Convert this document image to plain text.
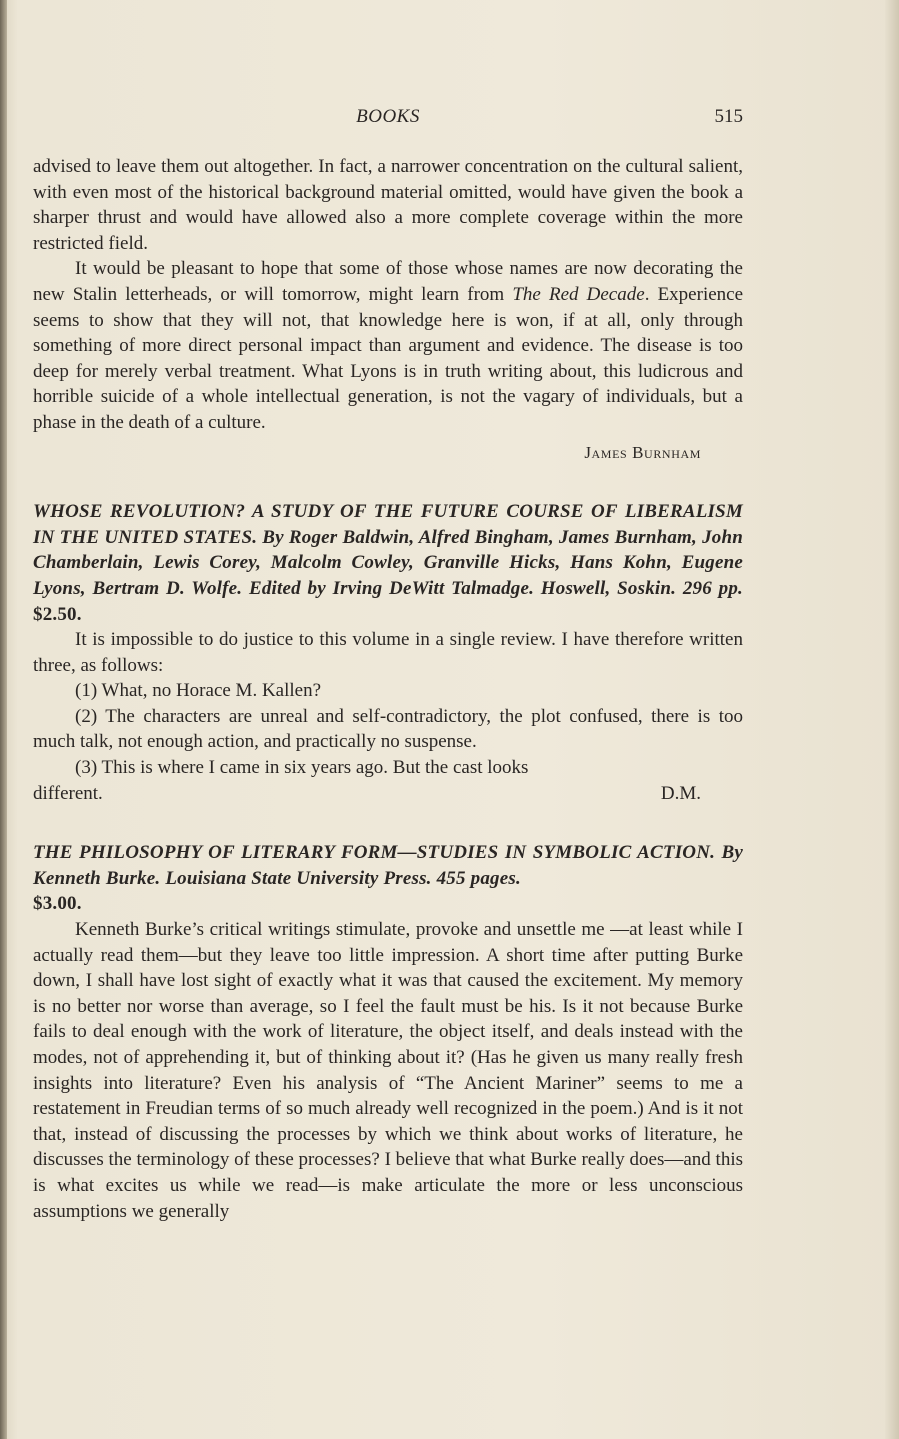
BOOKS	515

advised to leave them out altogether. In fact, a narrower concentration on the cultural salient, with even most of the historical background material omitted, would have given the book a sharper thrust and would have allowed also a more complete coverage within the more restricted field.

It would be pleasant to hope that some of those whose names are now decorating the new Stalin letterheads, or will tomorrow, might learn from The Red Decade. Experience seems to show that they will not, that knowledge here is won, if at all, only through something of more direct personal impact than argument and evidence. The disease is too deep for merely verbal treatment. What Lyons is in truth writing about, this ludicrous and horrible suicide of a whole intellectual generation, is not the vagary of individuals, but a phase in the death of a culture.

James Burnham

WHOSE REVOLUTION? A STUDY OF THE FUTURE COURSE OF LIBERALISM IN THE UNITED STATES. By Roger Baldwin, Alfred Bingham, James Burnham, John Chamberlain, Lewis Corey, Malcolm Cowley, Granville Hicks, Hans Kohn, Eugene Lyons, Bertram D. Wolfe. Edited by Irving DeWitt Talmadge. Hoswell, Soskin. 296 pp. $2.50.

It is impossible to do justice to this volume in a single review. I have therefore written three, as follows:

(1) What, no Horace M. Kallen?

(2) The characters are unreal and self-contradictory, the plot confused, there is too much talk, not enough action, and practically no suspense.

(3) This is where I came in six years ago. But the cast looks

different.	D.M.

THE PHILOSOPHY OF LITERARY FORM—STUDIES IN SYMBOLIC ACTION. By Kenneth Burke. Louisiana State University Press. 455 pages.
$3.00.

Kenneth Burke’s critical writings stimulate, provoke and unsettle me —at least while I actually read them—but they leave too little impression. A short time after putting Burke down, I shall have lost sight of exactly what it was that caused the excitement. My memory is no better nor worse than average, so I feel the fault must be his. Is it not because Burke fails to deal enough with the work of literature, the object itself, and deals instead with the modes, not of apprehending it, but of thinking about it? (Has he given us many really fresh insights into literature? Even his analysis of “The Ancient Mariner” seems to me a restatement in Freudian terms of so much already well recognized in the poem.) And is it not that, instead of discussing the processes by which we think about works of literature, he discusses the terminology of these processes? I believe that what Burke really does—and this is what excites us while we read—is make articulate the more or less unconscious assumptions we generally
